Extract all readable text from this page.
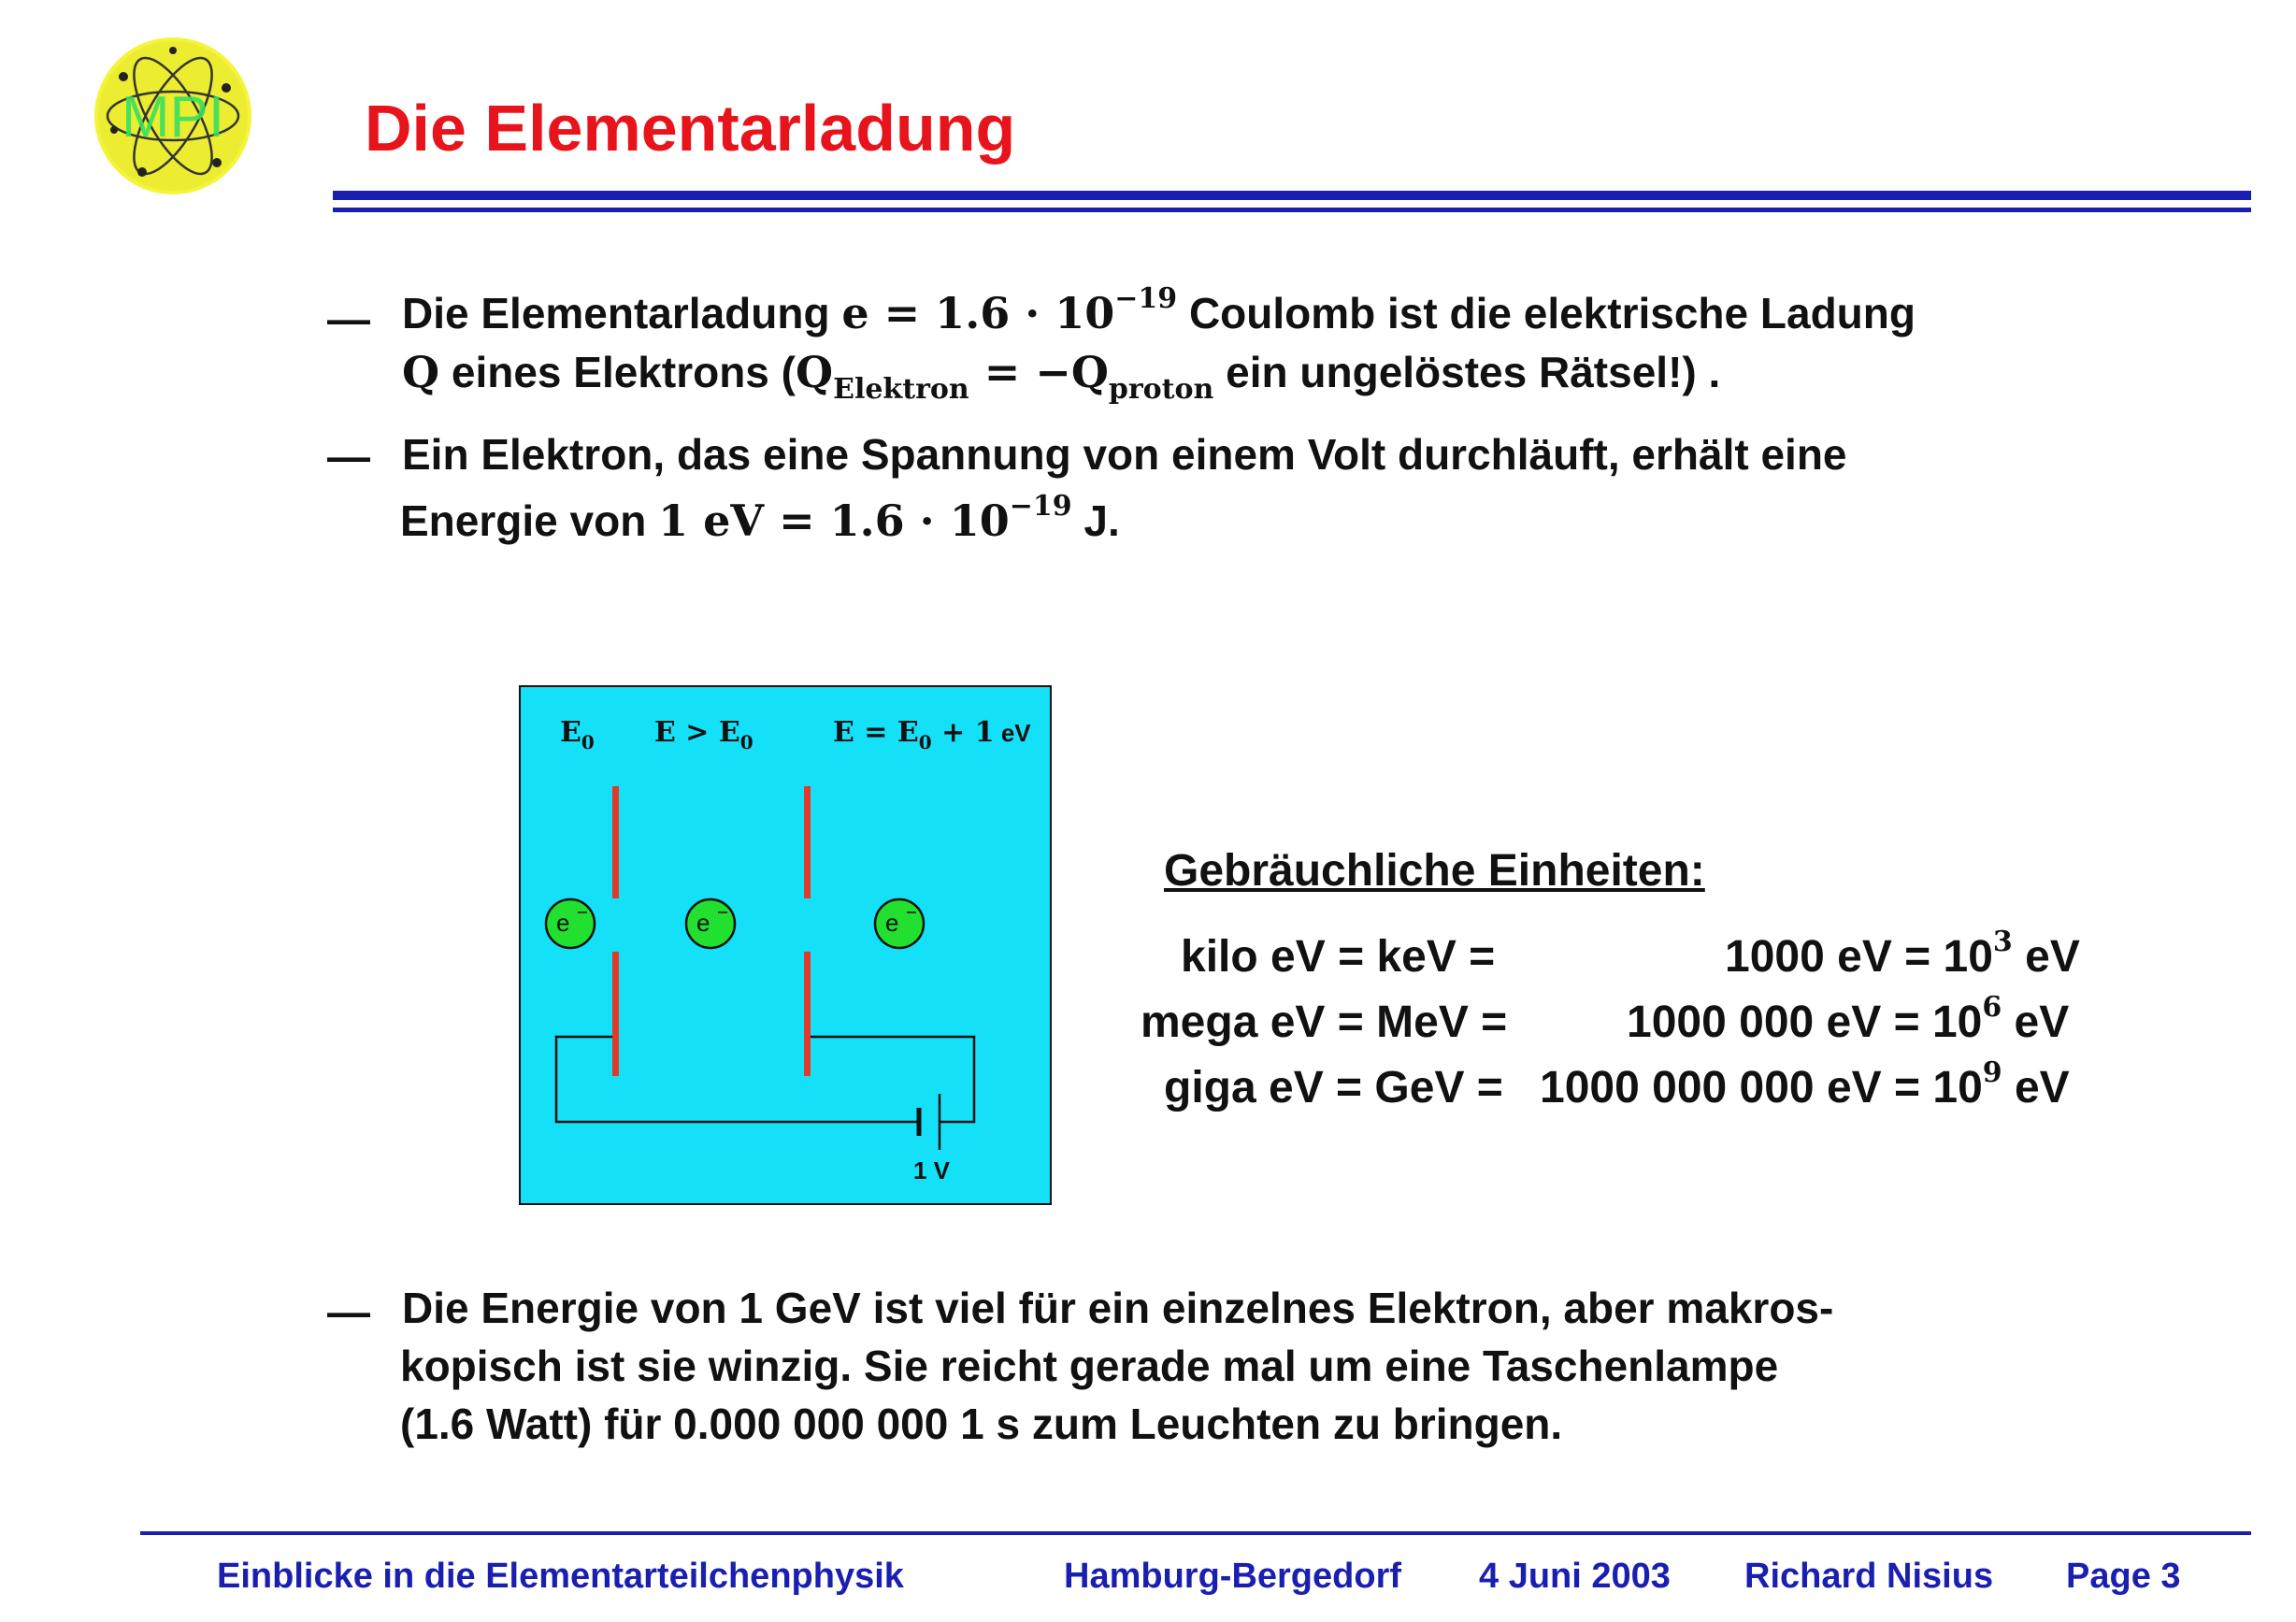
MPI Die Elementarladung
— Die Elementarladung $e = 1.6 \cdot 10^{-19}$ Coulomb ist die elektrische Ladung
Q eines Elektrons ($Q_{Elektron} = -Q_{proton}$ ein ungelöstes Rätsel!) .
— Ein Elektron, das eine Spannung von einem Volt durchläuft, erhält eine
Energie von 1 eV = $1.6 \cdot 10^{-19}$ J.
$E_0$ $E > E_0$	$E = E_0 + 1$ eV
e	e	e
1 V
Gebräuchliche Einheiten:
kilo eV = keV =	1000 eV = $10^3$ eV
mega eV = MeV =	1000 000 eV = $10^6$ eV
giga eV = GeV = 1000 000 000 eV = $10^9$ eV
— Die Energie von 1 GeV ist viel für ein einzelnes Elektron, aber makros-
kopisch ist sie winzig. Sie reicht gerade mal um eine Taschenlampe
(1.6 Watt) für 0.000 000 000 1 s zum Leuchten zu bringen.
Einblicke in die Elementarteilchenphysik	Hamburg-Bergedorf 4 Juni 2003 Richard Nisius Page 3
